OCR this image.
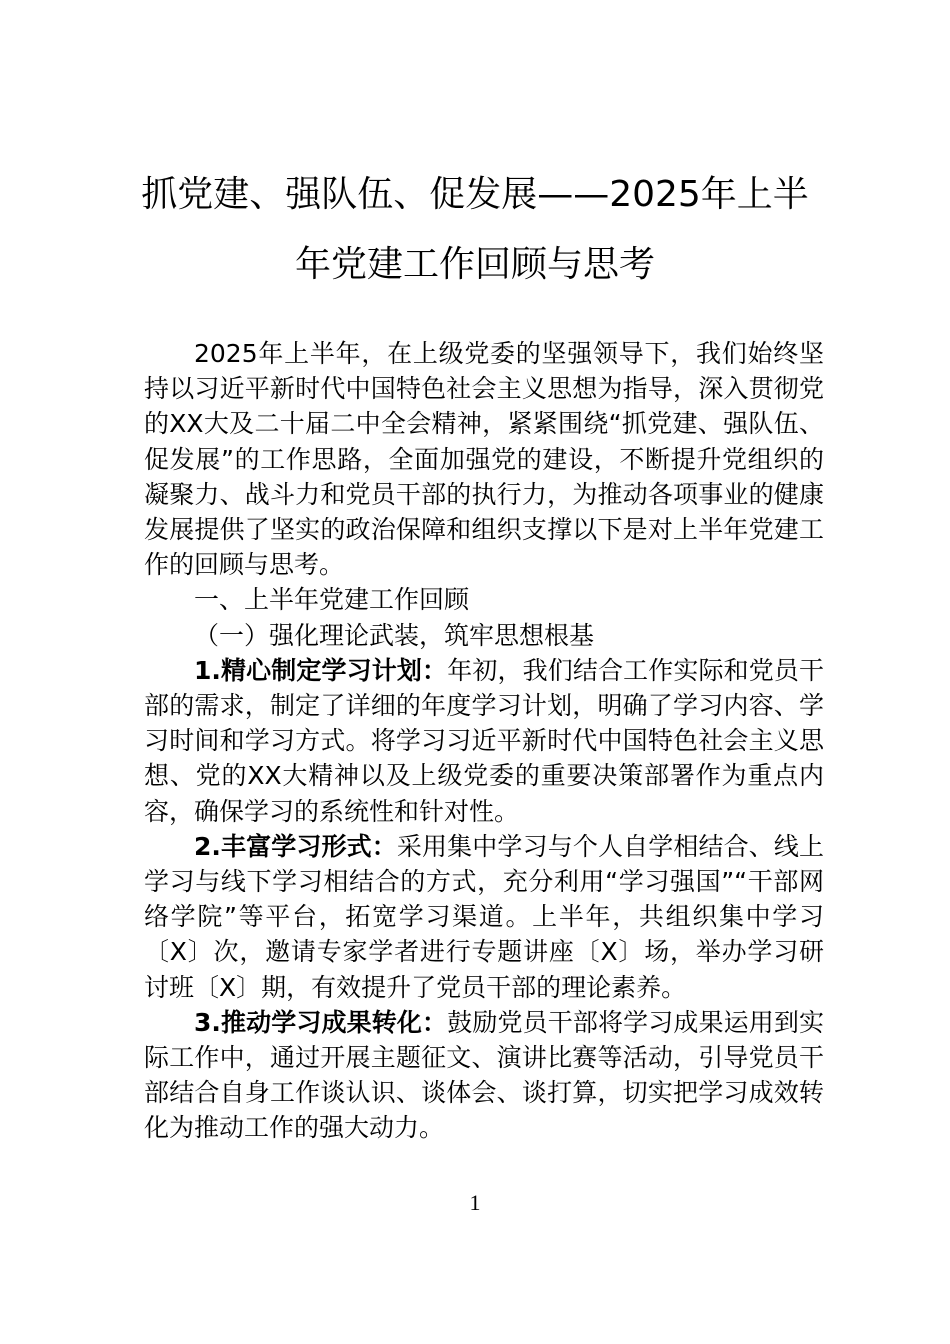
抓党建、强队伍、促发展——2025年上半
年党建工作回顾与思考

2025年上半年，在上级党委的坚强领导下，我们始终坚持以习近平新时代中国特色社会主义思想为指导，深入贯彻党的XX大及二十届二中全会精神，紧紧围绕“抓党建、强队伍、促发展”的工作思路，全面加强党的建设，不断提升党组织的凝聚力、战斗力和党员干部的执行力，为推动各项事业的健康发展提供了坚实的政治保障和组织支撑以下是对上半年党建工作的回顾与思考。

一、上半年党建工作回顾

（一）强化理论武装，筑牢思想根基

1.精心制定学习计划：年初，我们结合工作实际和党员干部的需求，制定了详细的年度学习计划，明确了学习内容、学习时间和学习方式。将学习习近平新时代中国特色社会主义思想、党的XX大精神以及上级党委的重要决策部署作为重点内容，确保学习的系统性和针对性。

2.丰富学习形式：采用集中学习与个人自学相结合、线上学习与线下学习相结合的方式，充分利用“学习强国”“干部网络学院”等平台，拓宽学习渠道。上半年，共组织集中学习〔X〕次，邀请专家学者进行专题讲座〔X〕场，举办学习研讨班〔X〕期，有效提升了党员干部的理论素养。

3.推动学习成果转化：鼓励党员干部将学习成果运用到实际工作中，通过开展主题征文、演讲比赛等活动，引导党员干部结合自身工作谈认识、谈体会、谈打算，切实把学习成效转化为推动工作的强大动力。

1
